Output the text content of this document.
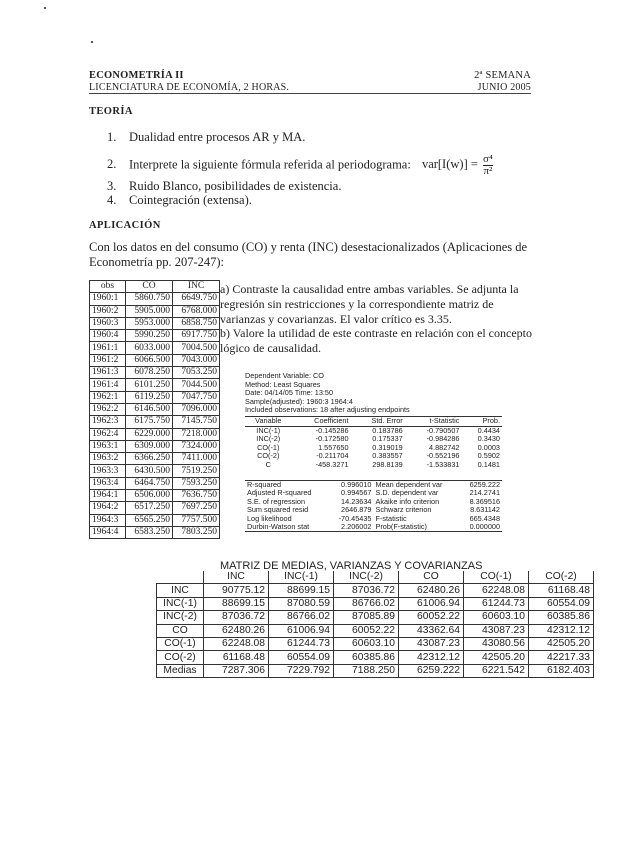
ECONOMETRÍA II
LICENCIATURA DE ECONOMÍA, 2 HORAS.
2ª SEMANA
JUNIO 2005
TEORÍA
1. Dualidad entre procesos AR y MA.
2. Interprete la siguiente fórmula referida al periodograma: $var[I(w)] = \frac{\text{σ⁴}}{\text{π²}}$
3. Ruido Blanco, posibilidades de existencia.
4. Cointegración (extensa).
APLICACIÓN
Con los datos en del consumo (CO) y renta (INC) desestacionalizados (Aplicaciones de Econometría pp. 207-247):
a) Contraste la causalidad entre ambas variables. Se adjunta la regresión sin restricciones y la correspondiente matriz de varianzas y covarianzas. El valor crítico es 3.35.
b) Valore la utilidad de este contraste en relación con el concepto lógico de causalidad.
obs	CO	INC
1960:1	5860.750	6649.750
1960:2	5905.000	6768.000
1960:3	5953.000	6858.750
1960:4	5990.250	6917.750
1961:1	6033.000	7004.500
1961:2	6066.500	7043.000
1961:3	6078.250	7053.250
1961:4	6101.250	7044.500
1962:1	6119.250	7047.750
1962:2	6146.500	7096.000
1962:3	6175.750	7145.750
1962:4	6229.000	7218.000
1963:1	6309.000	7324.000
1963:2	6366.250	7411.000
1963:3	6430.500	7519.250
1963:4	6464.750	7593.250
1964:1	6506.000	7636.750
1964:2	6517.250	7697.250
1964:3	6565.250	7757.500
1964:4	6583.250	7803.250
Dependent Variable: CO
Method: Least Squares
Date: 04/14/05 Time: 13:50
Sample(adjusted): 1960:3 1964:4
Included observations: 18 after adjusting endpoints
Variable	Coefficient	Std. Error	t-Statistic	Prob.
INC(-1)	-0.145286	0.183786	-0.790507	0.4434
INC(-2)	-0.172580	0.175337	-0.984286	0.3430
CO(-1)	1.557650	0.319019	4.882742	0.0003
CO(-2)	-0.211704	0.383557	-0.552196	0.5902
C	-458.3271	298.8139	-1.533831	0.1481
R-squared	0.996010	Mean dependent var	6259.222
Adjusted R-squared	0.994567	S.D. dependent var	214.2741
S.E. of regression	14.23634	Akaike info criterion	8.369516
Sum squared resid	2646.879	Schwarz criterion	8.631142
Log likelihood	-70.45435	F-statistic	665.4348
Durbin-Watson stat	2.206002	Prob(F-statistic)	0.000000
MATRIZ DE MEDIAS, VARIANZAS Y COVARIANZAS
	INC	INC(-1)	INC(-2)	CO	CO(-1)	CO(-2)
INC	90775.12	88699.15	87036.72	62480.26	62248.08	61168.48
INC(-1)	88699.15	87080.59	86766.02	61006.94	61244.73	60554.09
INC(-2)	87036.72	86766.02	87085.89	60052.22	60603.10	60385.86
CO	62480.26	61006.94	60052.22	43362.64	43087.23	42312.12
CO(-1)	62248.08	61244.73	60603.10	43087.23	43080.56	42505.20
CO(-2)	61168.48	60554.09	60385.86	42312.12	42505.20	42217.33
Medias	7287.306	7229.792	7188.250	6259.222	6221.542	6182.403
